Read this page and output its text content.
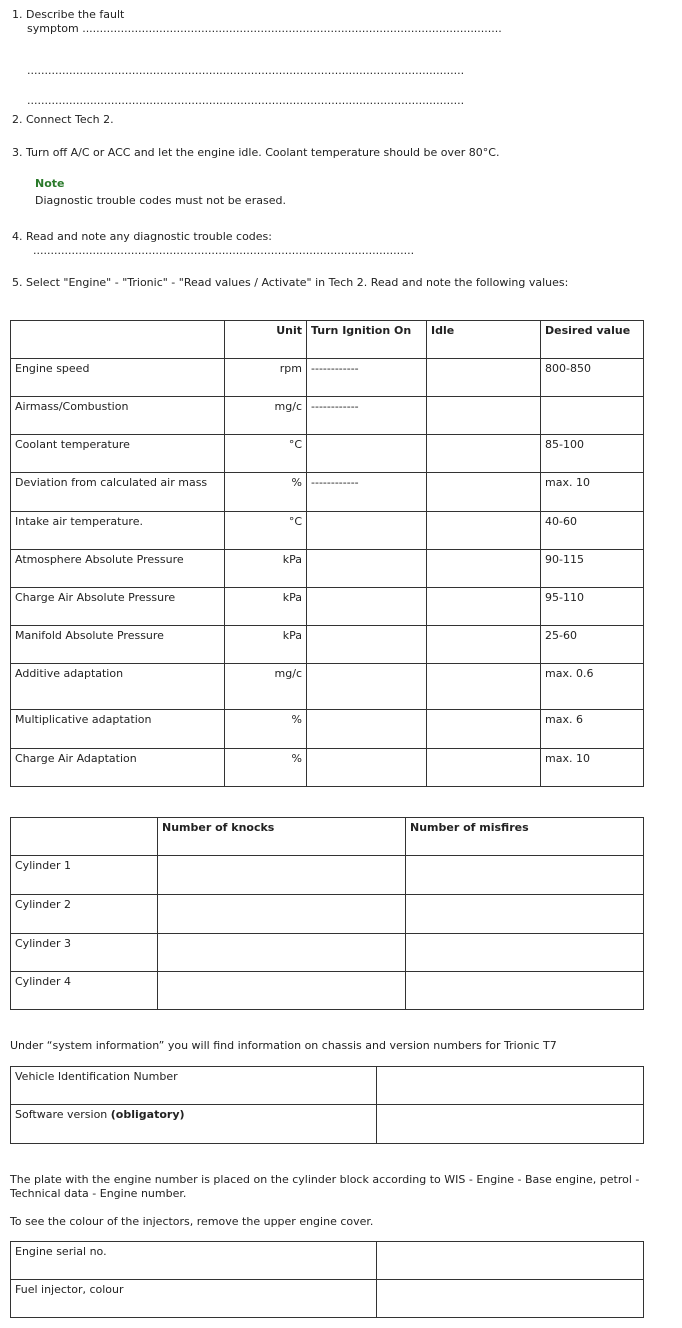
1. Describe the fault
symptom ........................................................................................................................
.............................................................................................................................
.............................................................................................................................
2. Connect Tech 2.
3. Turn off A/C or ACC and let the engine idle. Coolant temperature should be over 80°C.
Note
Diagnostic trouble codes must not be erased.
4. Read and note any diagnostic trouble codes:
.............................................................................................................
5. Select "Engine" - "Trionic" - "Read values / Activate" in Tech 2. Read and note the following values:
	Unit	Turn Ignition On	Idle	Desired value
Engine speed	rpm	------------		800-850
Airmass/Combustion	mg/c	------------		
Coolant temperature	°C			85-100
Deviation from calculated air mass	%	------------		max. 10
Intake air temperature.	°C			40-60
Atmosphere Absolute Pressure	kPa			90-115
Charge Air Absolute Pressure	kPa			95-110
Manifold Absolute Pressure	kPa			25-60
Additive adaptation	mg/c			max. 0.6
Multiplicative adaptation	%			max. 6
Charge Air Adaptation	%			max. 10
	Number of knocks	Number of misfires
Cylinder 1		
Cylinder 2		
Cylinder 3		
Cylinder 4		
Under “system information” you will find information on chassis and version numbers for Trionic T7
Vehicle Identification Number	
Software version (obligatory)	
The plate with the engine number is placed on the cylinder block according to WIS - Engine - Base engine, petrol -
Technical data - Engine number.
To see the colour of the injectors, remove the upper engine cover.
Engine serial no.	
Fuel injector, colour	
